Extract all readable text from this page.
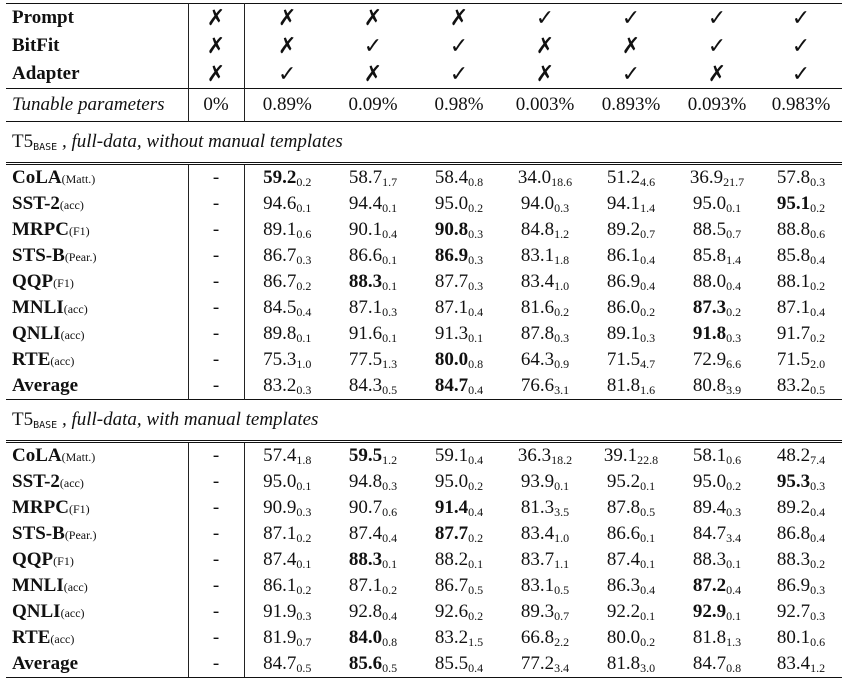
Prompt	✗	✗	✗	✗	✓	✓	✓	✓
BitFit	✗	✗	✓	✓	✗	✗	✓	✓
Adapter	✗	✓	✗	✓	✗	✓	✗	✓
Tunable parameters	0%	0.89%	0.09%	0.98%	0.003%	0.893%	0.093%	0.983%
$T5_{BASE}$ , full-data, without manual templates								
CoLA(Matt.)	-	$59.2_{0.2}$	$58.7_{1.7}$	$58.4_{0.8}$	$34.0_{18.6}$	$51.2_{4.6}$	$36.9_{21.7}$	$57.8_{0.3}$
SST-2(acc)	-	$94.6_{0.1}$	$94.4_{0.1}$	$95.0_{0.2}$	$94.0_{0.3}$	$94.1_{1.4}$	$95.0_{0.1}$	$95.1_{0.2}$
MRPC(F1)	-	$89.1_{0.6}$	$90.1_{0.4}$	$90.8_{0.3}$	$84.8_{1.2}$	$89.2_{0.7}$	$88.5_{0.7}$	$88.8_{0.6}$
STS-B(Pear.)	-	$86.7_{0.3}$	$86.6_{0.1}$	$86.9_{0.3}$	$83.1_{1.8}$	$86.1_{0.4}$	$85.8_{1.4}$	$85.8_{0.4}$
QQP(F1)	-	$86.7_{0.2}$	$88.3_{0.1}$	$87.7_{0.3}$	$83.4_{1.0}$	$86.9_{0.4}$	$88.0_{0.4}$	$88.1_{0.2}$
MNLI(acc)	-	$84.5_{0.4}$	$87.1_{0.3}$	$87.1_{0.4}$	$81.6_{0.2}$	$86.0_{0.2}$	$87.3_{0.2}$	$87.1_{0.4}$
QNLI(acc)	-	$89.8_{0.1}$	$91.6_{0.1}$	$91.3_{0.1}$	$87.8_{0.3}$	$89.1_{0.3}$	$91.8_{0.3}$	$91.7_{0.2}$
RTE(acc)	-	$75.3_{1.0}$	$77.5_{1.3}$	$80.0_{0.8}$	$64.3_{0.9}$	$71.5_{4.7}$	$72.9_{6.6}$	$71.5_{2.0}$
Average	-	$83.2_{0.3}$	$84.3_{0.5}$	$84.7_{0.4}$	$76.6_{3.1}$	$81.8_{1.6}$	$80.8_{3.9}$	$83.2_{0.5}$
$T5_{BASE}$ , full-data, with manual templates								
CoLA(Matt.)	-	$57.4_{1.8}$	$59.5_{1.2}$	$59.1_{0.4}$	$36.3_{18.2}$	$39.1_{22.8}$	$58.1_{0.6}$	$48.2_{7.4}$
SST-2(acc)	-	$95.0_{0.1}$	$94.8_{0.3}$	$95.0_{0.2}$	$93.9_{0.1}$	$95.2_{0.1}$	$95.0_{0.2}$	$95.3_{0.3}$
MRPC(F1)	-	$90.9_{0.3}$	$90.7_{0.6}$	$91.4_{0.4}$	$81.3_{3.5}$	$87.8_{0.5}$	$89.4_{0.3}$	$89.2_{0.4}$
STS-B(Pear.)	-	$87.1_{0.2}$	$87.4_{0.4}$	$87.7_{0.2}$	$83.4_{1.0}$	$86.6_{0.1}$	$84.7_{3.4}$	$86.8_{0.4}$
QQP(F1)	-	$87.4_{0.1}$	$88.3_{0.1}$	$88.2_{0.1}$	$83.7_{1.1}$	$87.4_{0.1}$	$88.3_{0.1}$	$88.3_{0.2}$
MNLI(acc)	-	$86.1_{0.2}$	$87.1_{0.2}$	$86.7_{0.5}$	$83.1_{0.5}$	$86.3_{0.4}$	$87.2_{0.4}$	$86.9_{0.3}$
QNLI(acc)	-	$91.9_{0.3}$	$92.8_{0.4}$	$92.6_{0.2}$	$89.3_{0.7}$	$92.2_{0.1}$	$92.9_{0.1}$	$92.7_{0.3}$
RTE(acc)	-	$81.9_{0.7}$	$84.0_{0.8}$	$83.2_{1.5}$	$66.8_{2.2}$	$80.0_{0.2}$	$81.8_{1.3}$	$80.1_{0.6}$
Average	-	$84.7_{0.5}$	$85.6_{0.5}$	$85.5_{0.4}$	$77.2_{3.4}$	$81.8_{3.0}$	$84.7_{0.8}$	$83.4_{1.2}$
